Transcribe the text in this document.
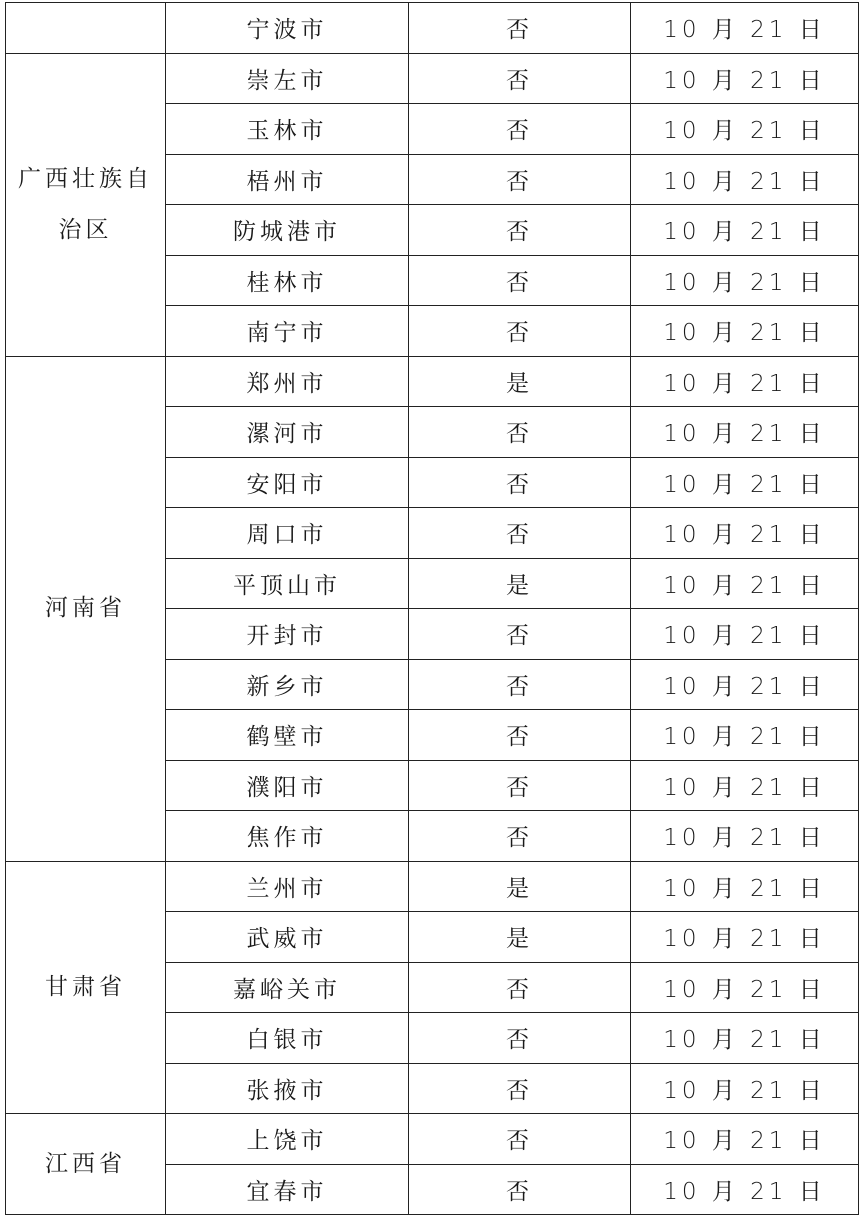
	宁波市	否	10 月 21 日
广西壮族自治区	崇左市	否	10 月 21 日
	玉林市	否	10 月 21 日
	梧州市	否	10 月 21 日
	防城港市	否	10 月 21 日
	桂林市	否	10 月 21 日
	南宁市	否	10 月 21 日
河南省	郑州市	是	10 月 21 日
	漯河市	否	10 月 21 日
	安阳市	否	10 月 21 日
	周口市	否	10 月 21 日
	平顶山市	是	10 月 21 日
	开封市	否	10 月 21 日
	新乡市	否	10 月 21 日
	鹤壁市	否	10 月 21 日
	濮阳市	否	10 月 21 日
	焦作市	否	10 月 21 日
甘肃省	兰州市	是	10 月 21 日
	武威市	是	10 月 21 日
	嘉峪关市	否	10 月 21 日
	白银市	否	10 月 21 日
	张掖市	否	10 月 21 日
江西省	上饶市	否	10 月 21 日
	宜春市	否	10 月 21 日
